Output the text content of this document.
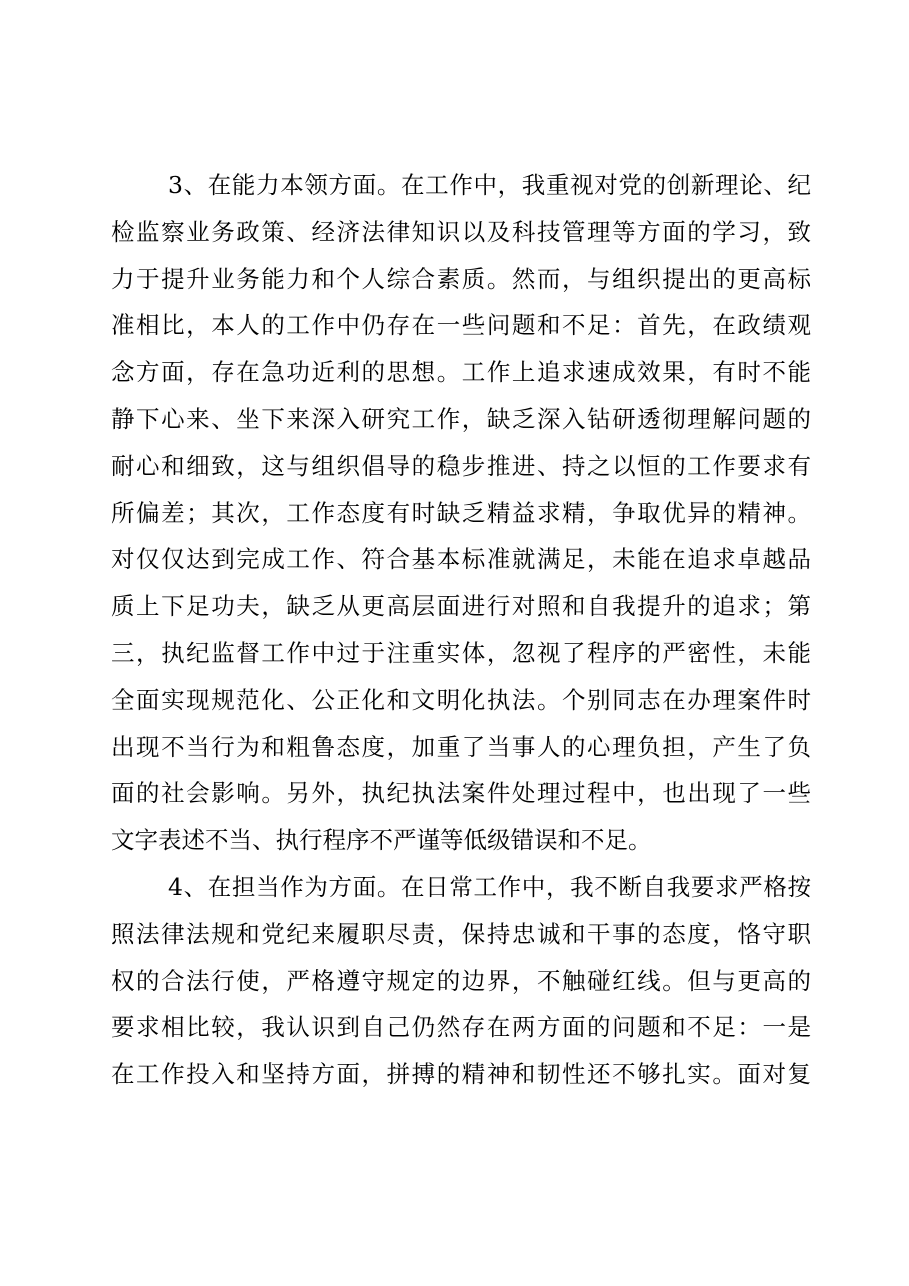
3、在能力本领方面。在工作中，我重视对党的创新理论、纪
检监察业务政策、经济法律知识以及科技管理等方面的学习，致
力于提升业务能力和个人综合素质。然而，与组织提出的更高标
准相比，本人的工作中仍存在一些问题和不足：首先，在政绩观
念方面，存在急功近利的思想。工作上追求速成效果，有时不能
静下心来、坐下来深入研究工作，缺乏深入钻研透彻理解问题的
耐心和细致，这与组织倡导的稳步推进、持之以恒的工作要求有
所偏差；其次，工作态度有时缺乏精益求精，争取优异的精神。
对仅仅达到完成工作、符合基本标准就满足，未能在追求卓越品
质上下足功夫，缺乏从更高层面进行对照和自我提升的追求；第
三，执纪监督工作中过于注重实体，忽视了程序的严密性，未能
全面实现规范化、公正化和文明化执法。个别同志在办理案件时
出现不当行为和粗鲁态度，加重了当事人的心理负担，产生了负
面的社会影响。另外，执纪执法案件处理过程中，也出现了一些
文字表述不当、执行程序不严谨等低级错误和不足。
4、在担当作为方面。在日常工作中，我不断自我要求严格按
照法律法规和党纪来履职尽责，保持忠诚和干事的态度，恪守职
权的合法行使，严格遵守规定的边界，不触碰红线。但与更高的
要求相比较，我认识到自己仍然存在两方面的问题和不足：一是
在工作投入和坚持方面，拼搏的精神和韧性还不够扎实。面对复
